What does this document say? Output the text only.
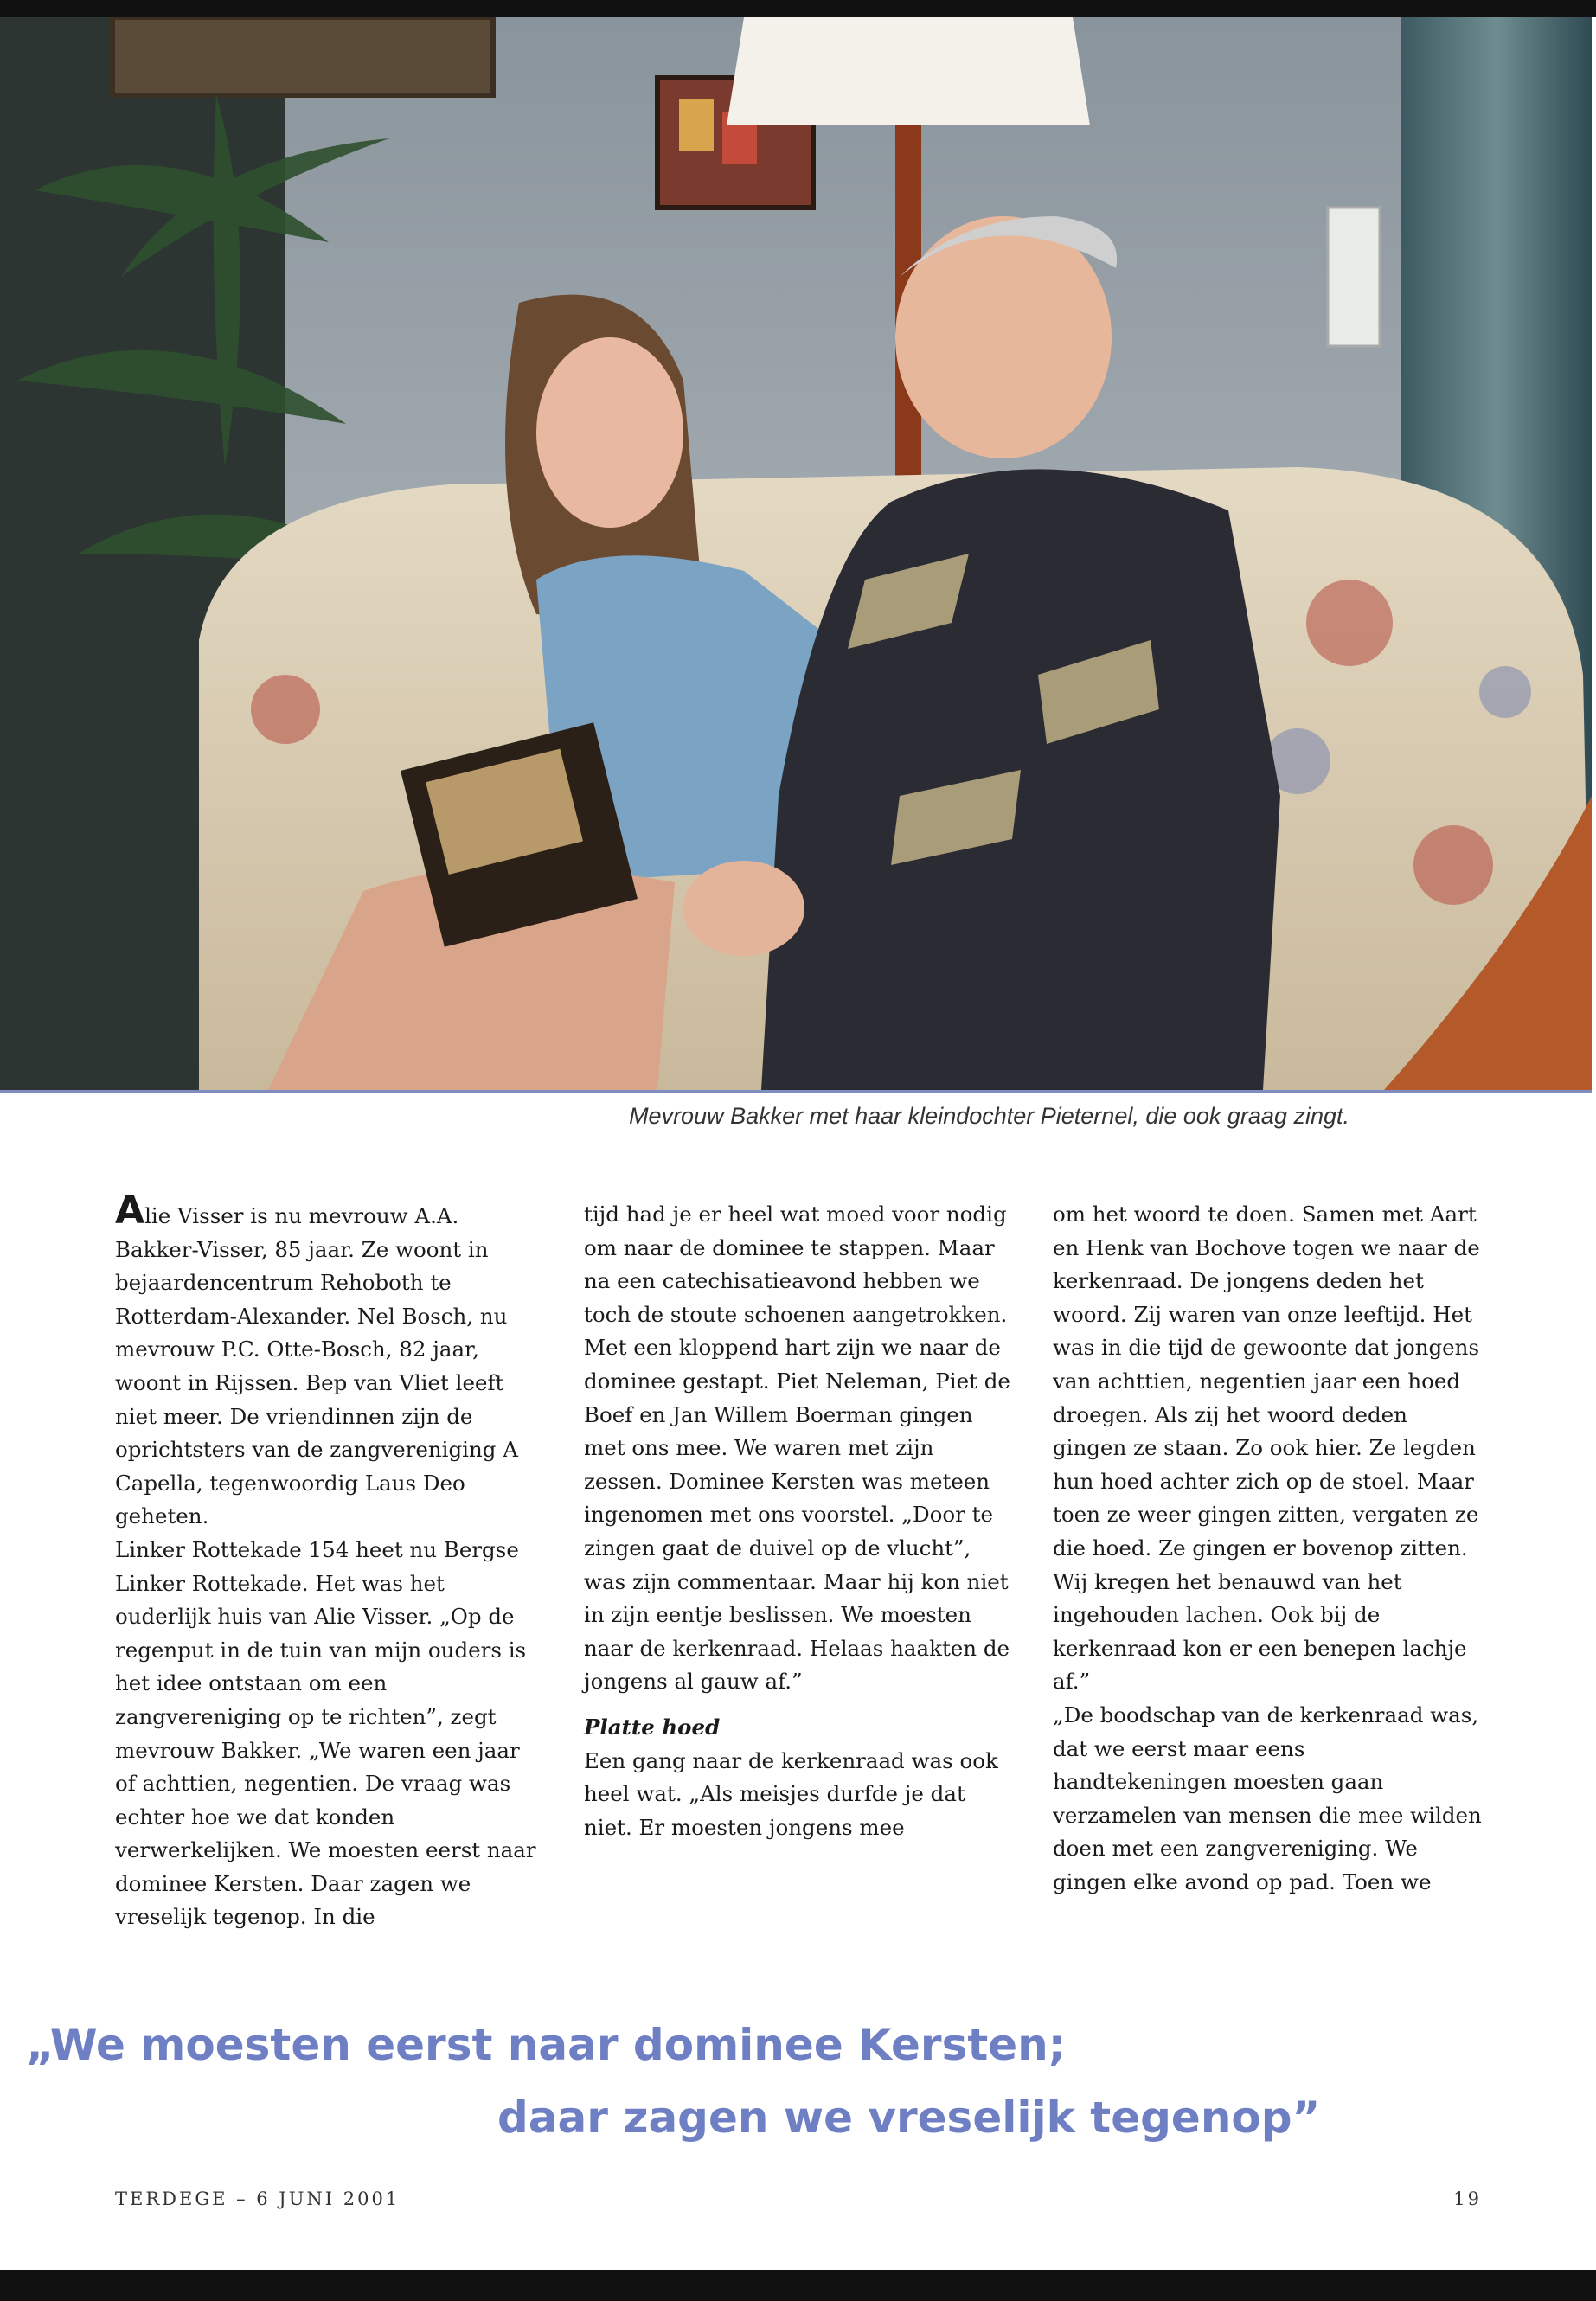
Mevrouw Bakker met haar kleindochter Pieternel, die ook graag zingt.

Alie Visser is nu mevrouw A.A. Bakker-Visser, 85 jaar. Ze woont in bejaardencentrum Rehoboth te Rotterdam-Alexander. Nel Bosch, nu mevrouw P.C. Otte-Bosch, 82 jaar, woont in Rijssen. Bep van Vliet leeft niet meer. De vriendinnen zijn de oprichtsters van de zangvereniging A Capella, tegenwoordig Laus Deo geheten.

Linker Rottekade 154 heet nu Bergse Linker Rottekade. Het was het ouderlijk huis van Alie Visser. „Op de regenput in de tuin van mijn ouders is het idee ontstaan om een zangvereniging op te richten”, zegt mevrouw Bakker. „We waren een jaar of achttien, negentien. De vraag was echter hoe we dat konden verwerkelijken. We moesten eerst naar dominee Kersten. Daar zagen we vreselijk tegenop. In die

tijd had je er heel wat moed voor nodig om naar de dominee te stappen. Maar na een catechisatieavond hebben we toch de stoute schoenen aangetrokken. Met een kloppend hart zijn we naar de dominee gestapt. Piet Neleman, Piet de Boef en Jan Willem Boerman gingen met ons mee. We waren met zijn zessen. Dominee Kersten was meteen ingenomen met ons voorstel. „Door te zingen gaat de duivel op de vlucht”, was zijn commentaar. Maar hij kon niet in zijn eentje beslissen. We moesten naar de kerkenraad. Helaas haakten de jongens al gauw af.”

Platte hoed

Een gang naar de kerkenraad was ook heel wat. „Als meisjes durfde je dat niet. Er moesten jongens mee

om het woord te doen. Samen met Aart en Henk van Bochove togen we naar de kerkenraad. De jongens deden het woord. Zij waren van onze leeftijd. Het was in die tijd de gewoonte dat jongens van achttien, negentien jaar een hoed droegen. Als zij het woord deden gingen ze staan. Zo ook hier. Ze legden hun hoed achter zich op de stoel. Maar toen ze weer gingen zitten, vergaten ze die hoed. Ze gingen er bovenop zitten. Wij kregen het benauwd van het ingehouden lachen. Ook bij de kerkenraad kon er een benepen lachje af.”

„De boodschap van de kerkenraad was, dat we eerst maar eens handtekeningen moesten gaan verzamelen van mensen die mee wilden doen met een zangvereniging. We gingen elke avond op pad. Toen we

„We moesten eerst naar dominee Kersten;
daar zagen we vreselijk tegenop”
TERDEGE – 6 JUNI 2001	19
